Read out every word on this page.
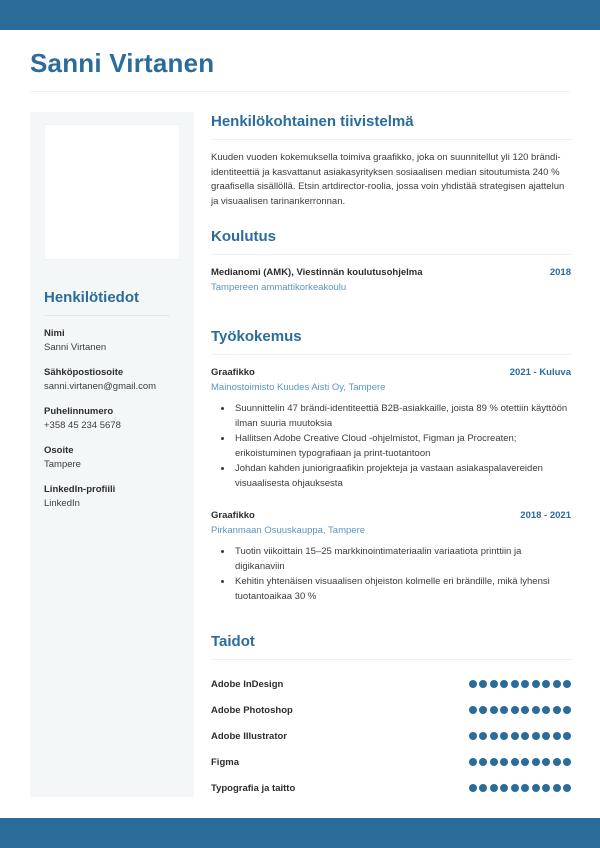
Sanni Virtanen
Henkilötiedot
Nimi
Sanni Virtanen
Sähköpostiosoite
sanni.virtanen@gmail.com
Puhelinnumero
+358 45 234 5678
Osoite
Tampere
LinkedIn-profiili
LinkedIn
Henkilökohtainen tiivistelmä

Kuuden vuoden kokemuksella toimiva graafikko, joka on suunnitellut yli 120 brändi-identiteettiä ja kasvattanut asiakasyrityksen sosiaalisen median sitoutumista 240 % graafisella sisällöllä. Etsin artdirector-roolia, jossa voin yhdistää strategisen ajattelun ja visuaalisen tarinankerronnan.

Koulutus
Medianomi (AMK), Viestinnän koulutusohjelma	2018
Tampereen ammattikorkeakoulu
Työkokemus
Graafikko	2021 - Kuluva
Mainostoimisto Kuudes Aisti Oy, Tampere
• Suunnittelin 47 brändi-identiteettiä B2B-asiakkaille, joista 89 % otettiin käyttöön ilman suuria muutoksia
• Hallitsen Adobe Creative Cloud -ohjelmistot, Figman ja Procreaten; erikoistuminen typografiaan ja print-tuotantoon
• Johdan kahden juniorigraafikin projekteja ja vastaan asiakaspalavereiden visuaalisesta ohjauksesta
Graafikko	2018 - 2021
Pirkanmaan Osuuskauppa, Tampere
• Tuotin viikoittain 15–25 markkinointimateriaalin variaatiota printtiin ja digikanaviin
• Kehitin yhtenäisen visuaalisen ohjeiston kolmelle eri brändille, mikä lyhensi tuotantoaikaa 30 %
Taidot
Adobe InDesign
Adobe Photoshop
Adobe Illustrator
Figma
Typografia ja taitto
